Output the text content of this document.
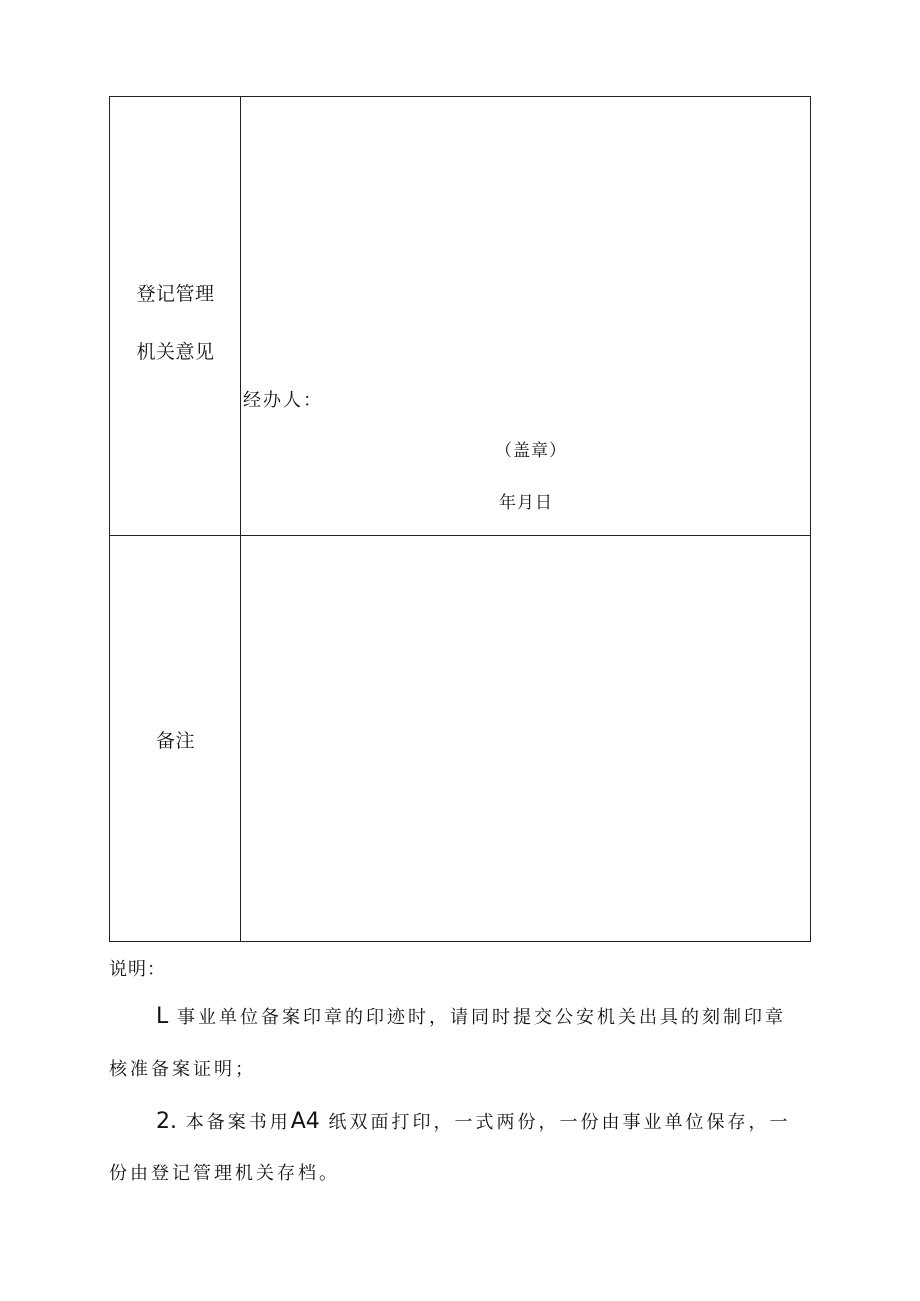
登记管理
机关意见
经办人：
（盖章）
年月日
备注
说明：
L 事业单位备案印章的印迹时，请同时提交公安机关出具的刻制印章
核准备案证明；
2. 本备案书用A4 纸双面打印，一式两份，一份由事业单位保存，一
份由登记管理机关存档。
